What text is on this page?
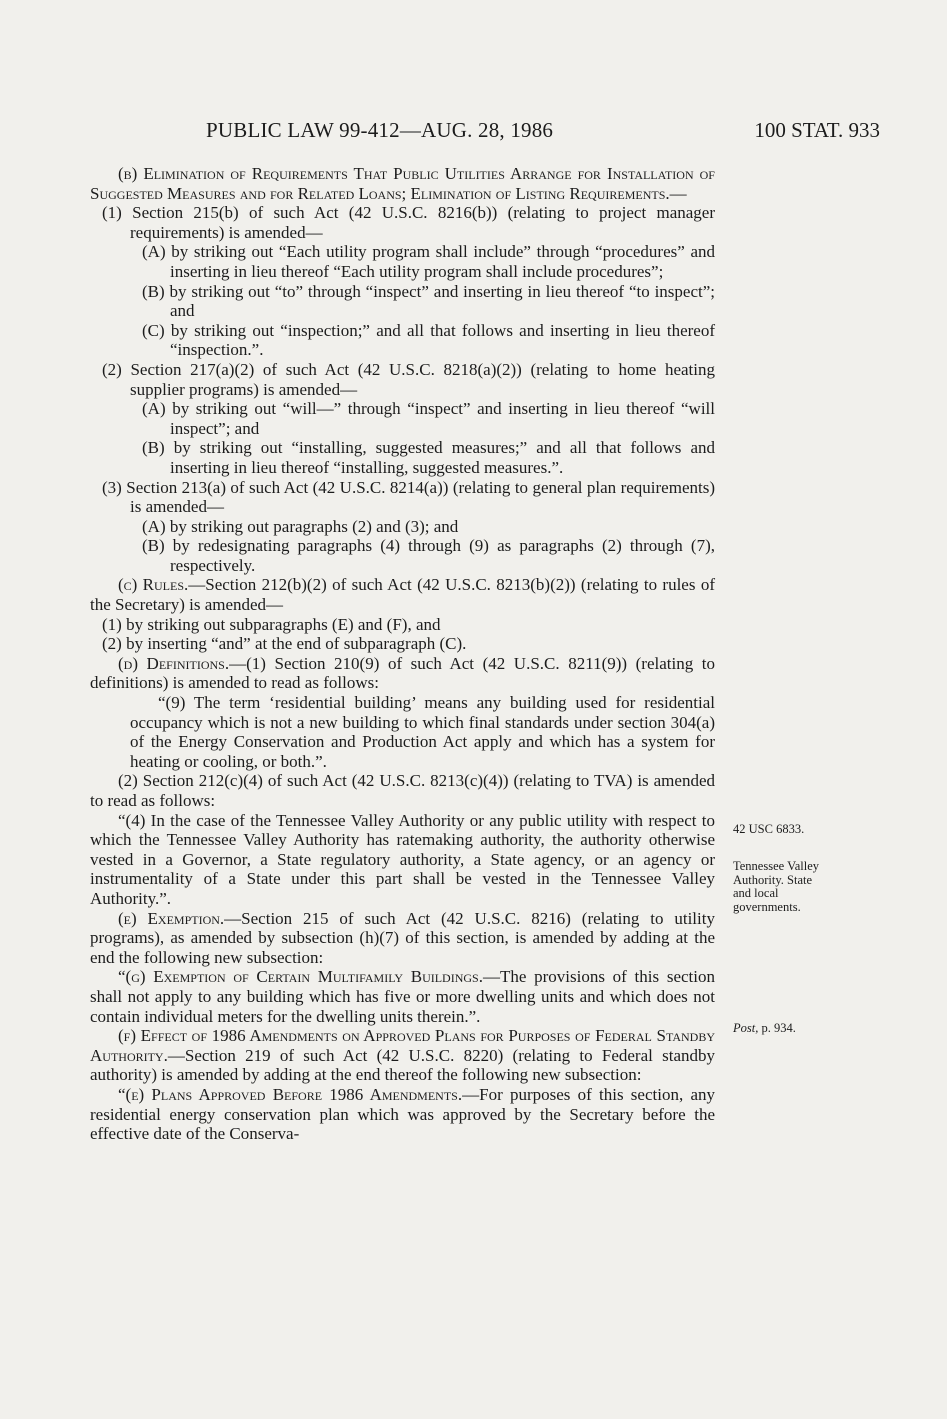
PUBLIC LAW 99-412—AUG. 28, 1986	100 STAT. 933

(b) Elimination of Requirements That Public Utilities Arrange for Installation of Suggested Measures and for Related Loans; Elimination of Listing Requirements.—

(1) Section 215(b) of such Act (42 U.S.C. 8216(b)) (relating to project manager requirements) is amended—

(A) by striking out “Each utility program shall include” through “procedures” and inserting in lieu thereof “Each utility program shall include procedures”;

(B) by striking out “to” through “inspect” and inserting in lieu thereof “to inspect”; and

(C) by striking out “inspection;” and all that follows and inserting in lieu thereof “inspection.”.

(2) Section 217(a)(2) of such Act (42 U.S.C. 8218(a)(2)) (relating to home heating supplier programs) is amended—

(A) by striking out “will—” through “inspect” and inserting in lieu thereof “will inspect”; and

(B) by striking out “installing, suggested measures;” and all that follows and inserting in lieu thereof “installing, suggested measures.”.

(3) Section 213(a) of such Act (42 U.S.C. 8214(a)) (relating to general plan requirements) is amended—

(A) by striking out paragraphs (2) and (3); and

(B) by redesignating paragraphs (4) through (9) as paragraphs (2) through (7), respectively.

(c) Rules.—Section 212(b)(2) of such Act (42 U.S.C. 8213(b)(2)) (relating to rules of the Secretary) is amended—

(1) by striking out subparagraphs (E) and (F), and

(2) by inserting “and” at the end of subparagraph (C).

(d) Definitions.—(1) Section 210(9) of such Act (42 U.S.C. 8211(9)) (relating to definitions) is amended to read as follows:

“(9) The term ‘residential building’ means any building used for residential occupancy which is not a new building to which final standards under section 304(a) of the Energy Conservation and Production Act apply and which has a system for heating or cooling, or both.”.

(2) Section 212(c)(4) of such Act (42 U.S.C. 8213(c)(4)) (relating to TVA) is amended to read as follows:

“(4) In the case of the Tennessee Valley Authority or any public utility with respect to which the Tennessee Valley Authority has ratemaking authority, the authority otherwise vested in a Governor, a State regulatory authority, a State agency, or an agency or instrumentality of a State under this part shall be vested in the Tennessee Valley Authority.”.

(e) Exemption.—Section 215 of such Act (42 U.S.C. 8216) (relating to utility programs), as amended by subsection (h)(7) of this section, is amended by adding at the end the following new subsection:

“(g) Exemption of Certain Multifamily Buildings.—The provisions of this section shall not apply to any building which has five or more dwelling units and which does not contain individual meters for the dwelling units therein.”.

(f) Effect of 1986 Amendments on Approved Plans for Purposes of Federal Standby Authority.—Section 219 of such Act (42 U.S.C. 8220) (relating to Federal standby authority) is amended by adding at the end thereof the following new subsection:

“(e) Plans Approved Before 1986 Amendments.—For purposes of this section, any residential energy conservation plan which was approved by the Secretary before the effective date of the Conserva-

42 USC 6833.
Tennessee Valley Authority. State and local governments.
Post, p. 934.
